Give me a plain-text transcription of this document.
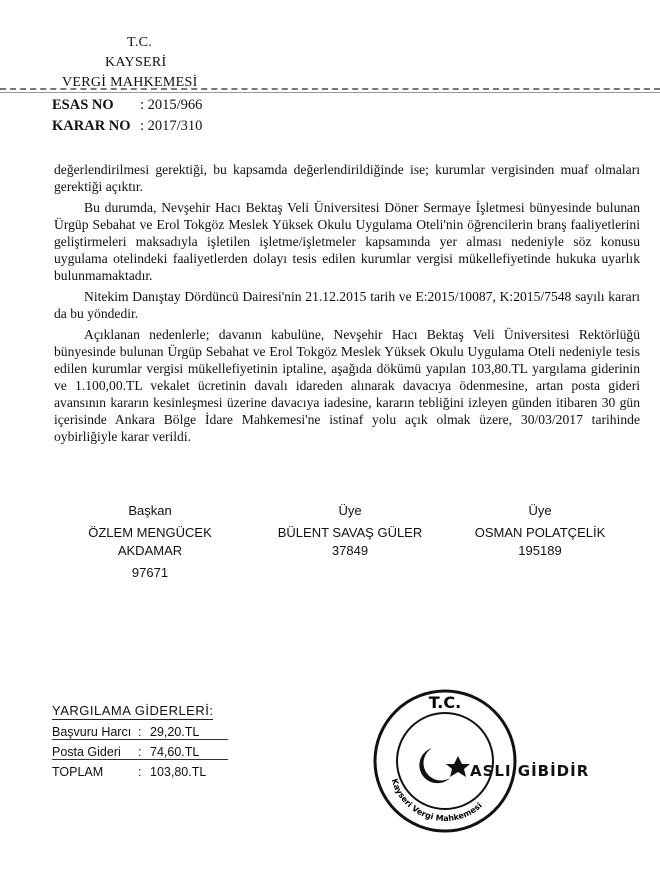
T.C.
KAYSERİ
VERGİ MAHKEMESİ
ESAS NO : 2015/966
KARAR NO : 2017/310

değerlendirilmesi gerektiği, bu kapsamda değerlendirildiğinde ise; kurumlar vergisinden muaf olmaları gerektiği açıktır.

Bu durumda, Nevşehir Hacı Bektaş Veli Üniversitesi Döner Sermaye İşletmesi bünyesinde bulunan Ürgüp Sebahat ve Erol Tokgöz Meslek Yüksek Okulu Uygulama Oteli'nin öğrencilerin branş faaliyetlerini geliştirmeleri maksadıyla işletilen işletme/işletmeler kapsamında yer alması nedeniyle söz konusu uygulama otelindeki faaliyetlerden dolayı tesis edilen kurumlar vergisi mükellefiyetinde hukuka uyarlık bulunmamaktadır.

Nitekim Danıştay Dördüncü Dairesi'nin 21.12.2015 tarih ve E:2015/10087, K:2015/7548 sayılı kararı da bu yöndedir.

Açıklanan nedenlerle; davanın kabulüne, Nevşehir Hacı Bektaş Veli Üniversitesi Rektörlüğü bünyesinde bulunan Ürgüp Sebahat ve Erol Tokgöz Meslek Yüksek Okulu Uygulama Oteli nedeniyle tesis edilen kurumlar vergisi mükellefiyetinin iptaline, aşağıda dökümü yapılan 103,80.TL yargılama giderinin ve 1.100,00.TL vekalet ücretinin davalı idareden alınarak davacıya ödenmesine, artan posta gideri avansının kararın kesinleşmesi üzerine davacıya iadesine, kararın tebliğini izleyen günden itibaren 30 gün içerisinde Ankara Bölge İdare Mahkemesi'ne istinaf yolu açık olmak üzere, 30/03/2017 tarihinde oybirliğiyle karar verildi.

Başkan
ÖZLEM MENGÜCEK
AKDAMAR
97671
Üye
BÜLENT SAVAŞ GÜLER
37849
Üye
OSMAN POLATÇELİK
195189
YARGILAMA GİDERLERİ:
Başvuru Harcı : 29,20.TL
Posta Gideri	: 74,60.TL
TOPLAM	: 103,80.TL
T.C.
Kayseri Vergi Mahkemesi
ASLI GİBİDİR
